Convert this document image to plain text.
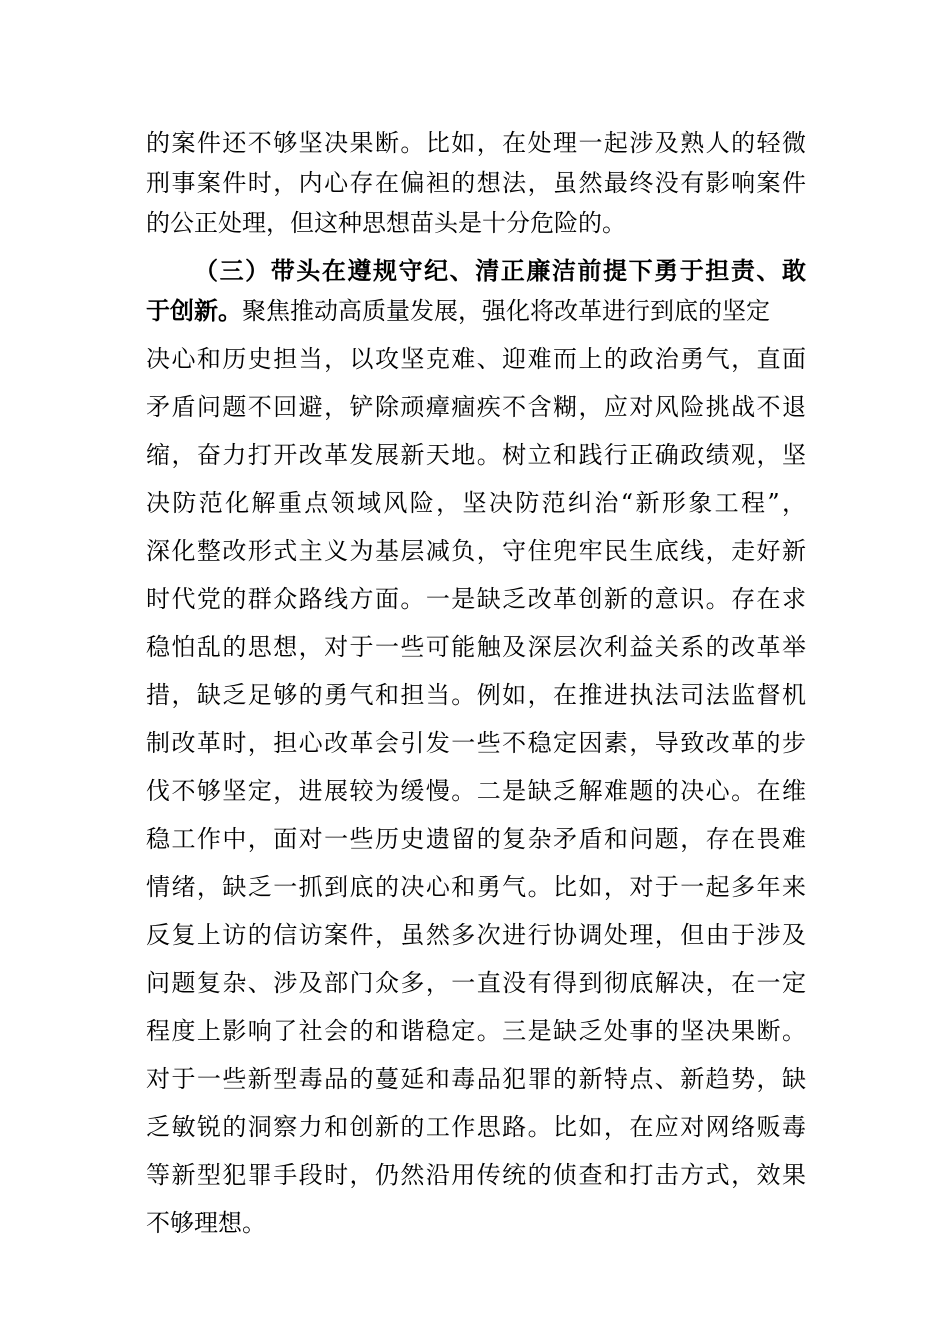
的案件还不够坚决果断。比如，在处理一起涉及熟人的轻微
刑事案件时，内心存在偏袒的想法，虽然最终没有影响案件
的公正处理，但这种思想苗头是十分危险的。
（三）带头在遵规守纪、清正廉洁前提下勇于担责、敢
于创新。聚焦推动高质量发展，强化将改革进行到底的坚定
决心和历史担当，以攻坚克难、迎难而上的政治勇气，直面
矛盾问题不回避，铲除顽瘴痼疾不含糊，应对风险挑战不退
缩，奋力打开改革发展新天地。树立和践行正确政绩观，坚
决防范化解重点领域风险，坚决防范纠治“新形象工程”，
深化整改形式主义为基层减负，守住兜牢民生底线，走好新
时代党的群众路线方面。一是缺乏改革创新的意识。存在求
稳怕乱的思想，对于一些可能触及深层次利益关系的改革举
措，缺乏足够的勇气和担当。例如，在推进执法司法监督机
制改革时，担心改革会引发一些不稳定因素，导致改革的步
伐不够坚定，进展较为缓慢。二是缺乏解难题的决心。在维
稳工作中，面对一些历史遗留的复杂矛盾和问题，存在畏难
情绪，缺乏一抓到底的决心和勇气。比如，对于一起多年来
反复上访的信访案件，虽然多次进行协调处理，但由于涉及
问题复杂、涉及部门众多，一直没有得到彻底解决，在一定
程度上影响了社会的和谐稳定。三是缺乏处事的坚决果断。
对于一些新型毒品的蔓延和毒品犯罪的新特点、新趋势，缺
乏敏锐的洞察力和创新的工作思路。比如，在应对网络贩毒
等新型犯罪手段时，仍然沿用传统的侦查和打击方式，效果
不够理想。
